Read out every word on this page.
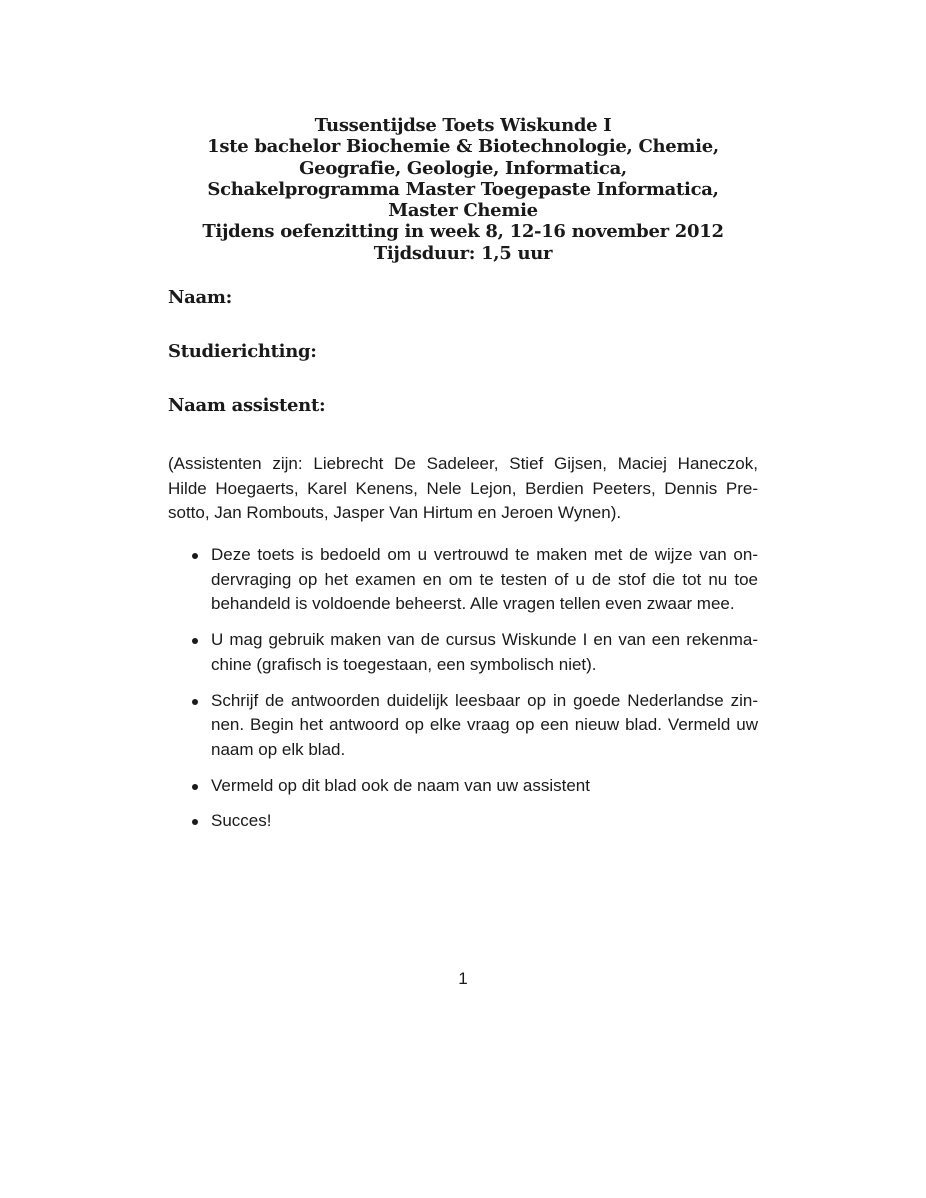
Tussentijdse Toets Wiskunde I
1ste bachelor Biochemie & Biotechnologie, Chemie,
Geografie, Geologie, Informatica,
Schakelprogramma Master Toegepaste Informatica,
Master Chemie
Tijdens oefenzitting in week 8, 12-16 november 2012
Tijdsduur: 1,5 uur
Naam:
Studierichting:
Naam assistent:
(Assistenten zijn: Liebrecht De Sadeleer, Stief Gijsen, Maciej Haneczok,
Hilde Hoegaerts, Karel Kenens, Nele Lejon, Berdien Peeters, Dennis Pre-
sotto, Jan Rombouts, Jasper Van Hirtum en Jeroen Wynen).
Deze toets is bedoeld om u vertrouwd te maken met de wijze van on-
dervraging op het examen en om te testen of u de stof die tot nu toe
behandeld is voldoende beheerst. Alle vragen tellen even zwaar mee.
U mag gebruik maken van de cursus Wiskunde I en van een rekenma-
chine (grafisch is toegestaan, een symbolisch niet).
Schrijf de antwoorden duidelijk leesbaar op in goede Nederlandse zin-
nen. Begin het antwoord op elke vraag op een nieuw blad. Vermeld uw
naam op elk blad.
Vermeld op dit blad ook de naam van uw assistent
Succes!
1
